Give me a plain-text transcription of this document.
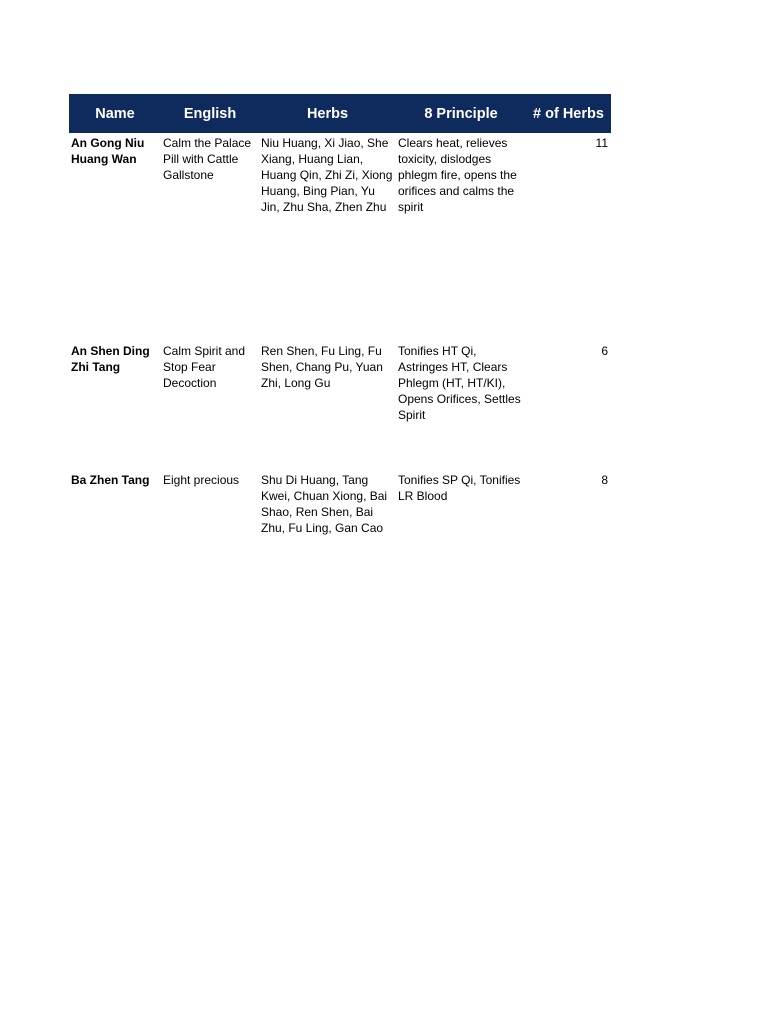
Name	English	Herbs	8 Principle	# of Herbs
An Gong Niu Huang Wan	Calm the Palace Pill with Cattle Gallstone	Niu Huang, Xi Jiao, She Xiang, Huang Lian, Huang Qin, Zhi Zi, Xiong Huang, Bing Pian, Yu Jin, Zhu Sha, Zhen Zhu	Clears heat, relieves toxicity, dislodges phlegm fire, opens the orifices and calms the spirit	11
An Shen Ding Zhi Tang	Calm Spirit and Stop Fear Decoction	Ren Shen, Fu Ling, Fu Shen, Chang Pu, Yuan Zhi, Long Gu	Tonifies HT Qi, Astringes HT, Clears Phlegm (HT, HT/KI), Opens Orifices, Settles Spirit	6
Ba Zhen Tang	Eight precious	Shu Di Huang, Tang Kwei, Chuan Xiong, Bai Shao, Ren Shen, Bai Zhu, Fu Ling, Gan Cao	Tonifies SP Qi, Tonifies LR Blood	8
